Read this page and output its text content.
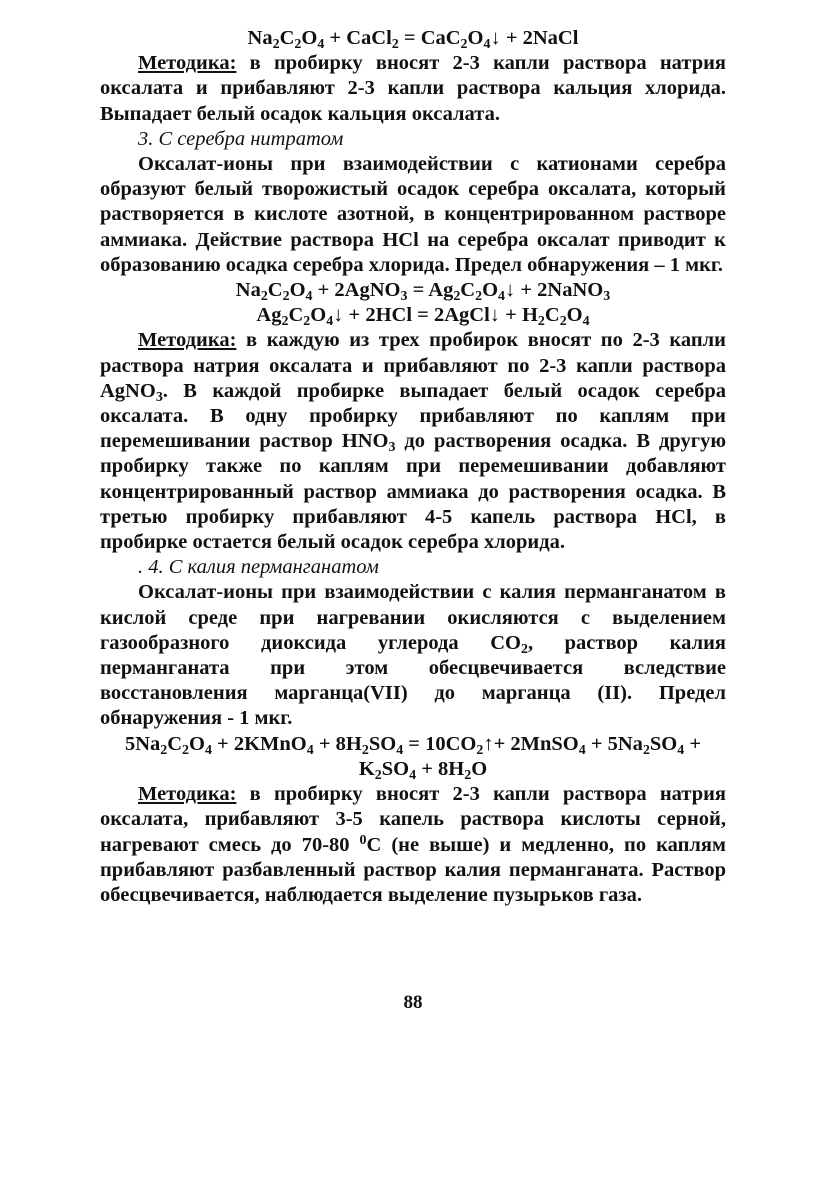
$Na_2C_2O_4$ + CaCl$_2$ = $CaC_2O_4↓$ + 2NaCl

Методика: в пробирку вносят 2-3 капли раствора натрия оксалата и прибавляют 2-3 капли раствора кальция хлорида. Выпадает белый осадок кальция оксалата.

3. С серебра нитратом

Оксалат-ионы при взаимодействии с катионами серебра образуют белый творожистый осадок серебра оксалата, который растворяется в кислоте азотной, в концентрированном растворе аммиака. Действие раствора HCl на серебра оксалат приводит к образованию осадка серебра хлорида. Предел обнаружения – 1 мкг.

$Na_2C_2O_4$ + 2AgNO$_3$ = $Ag_2C_2O_4↓$ + 2NaNO$_3$
$Ag_2C_2O_4↓ + 2HCl$ = 2AgCl↓ + $H_2C_2O_4$

Методика: в каждую из трех пробирок вносят по 2-3 капли раствора натрия оксалата и прибавляют по 2-3 капли раствора AgNO$_3$. В каждой пробирке выпадает белый осадок серебра оксалата. В одну пробирку прибавляют по каплям при перемешивании раствор $HNO_3$ до растворения осадка. В другую пробирку также по каплям при перемешивании добавляют концентрированный раствор аммиака до растворения осадка. В третью пробирку прибавляют 4-5 капель раствора HCl, в пробирке остается белый осадок серебра хлорида.

. 4. С калия перманганатом

Оксалат-ионы при взаимодействии с калия перманганатом в кислой среде при нагревании окисляются с выделением газообразного диоксида углерода $CO_2$, раствор калия перманганата при этом обесцвечивается вследствие восстановления марганца(VII) до марганца (II). Предел обнаружения - 1 мкг.

$5Na_2C_2O_4$ + 2KMnO$_4$ + $8H_2SO_4$ = $10CO_2↑+$ 2MnSO$_4$ + $5Na_2SO_4$ +
$K_2SO_4 + 8H_2O$

Методика: в пробирку вносят 2-3 капли раствора натрия оксалата, прибавляют 3-5 капель раствора кислоты серной, нагревают смесь до 70-80 $^0$C (не выше) и медленно, по каплям прибавляют разбавленный раствор калия перманганата. Раствор обесцвечивается, наблюдается выделение пузырьков газа.

88
